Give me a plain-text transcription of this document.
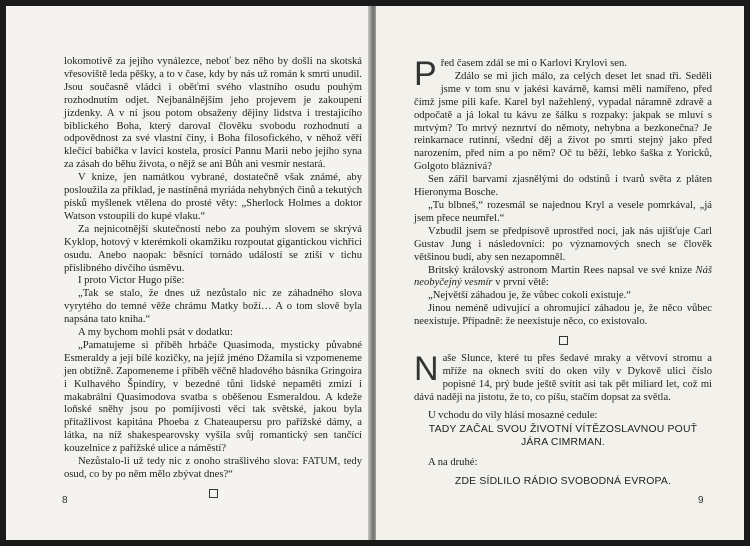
lokomotivě za jejího vynálezce, neboť bez něho by došli na skotská vřesoviště leda pěšky, a to v čase, kdy by nás už román k smrti unudil. Jsou současně vládci i oběťmi svého vlastního osudu pouhým rozhodnutím odjet. Nejbanálnějším jeho projevem je zakoupení jízdenky. A v ní jsou potom obsaženy dějiny lidstva i trestajícího biblického Boha, který daroval člověku svobodu rozhodnutí a odpovědnost za své vlastní činy, i Boha filosofického, v něhož věří klečící babička v lavici kostela, prosící Pannu Marii nebo jejího syna za zásah do běhu života, o nějž se ani Bůh ani vesmír nestará.

V knize, jen namátkou vybrané, dostatečně však známé, aby posloužila za příklad, je nastíněná myriáda nehybných činů a tekutých písků myšlenek vtělena do prosté věty: „Sherlock Holmes a doktor Watson vstoupili do kupé vlaku.“

Za nejnicotnější skutečností nebo za pouhým slovem se skrývá Kyklop, hotový v kterémkoli okamžiku rozpoutat gigantickou vichřici osudu. Anebo naopak: běsnící tornádo událostí se ztiší v tichu příslibného dívčího úsměvu.

I proto Victor Hugo píše:

„Tak se stalo, že dnes už nezůstalo nic ze záhadného slova vyrytého do temné věže chrámu Matky boží… A o tom slově byla napsána tato kniha.“

A my bychom mohli psát v dodatku:

„Pamatujeme si příběh hrbáče Quasimoda, mysticky půvabné Esmeraldy a její bílé kozičky, na jejíž jméno Džamila si vzpomeneme jen obtížně. Zapomeneme i příběh věčně hladového básníka Gringoira i Kulhavého Špindíry, v bezedné tůni lidské nepaměti zmizí i makabrální Quasimodova svatba s oběšenou Esmeraldou. A kdeže loňské sněhy jsou po pomíjivosti věcí tak světské, jakou byla přitažlivost kapitána Phoeba z Chateaupersu pro pařížské dámy, a látka, na níž shakespearovsky vyšila svůj romantický sen tančící kouzelnice z pařížské ulice a náměstí?

Nezůstalo-li už tedy nic z onoho strašlivého slova: FATUM, tedy osud, co by po něm mělo zbývat dnes?“

8

Před časem zdál se mi o Karlovi Krylovi sen.

Zdálo se mi jich málo, za celých deset let snad tři. Seděli jsme v tom snu v jakési kavárně, kamsi měli namířeno, před čímž jsme pili kafe. Karel byl nažehlený, vypadal náramně zdravě a odpočatě a já lokal tu kávu ze šálku s rozpaky: jakpak se mluví s mrtvým? To mrtvý neznrtví do němoty, nehybna a bezkonečna? Je reinkarnace rutinní, všední děj a život po smrti stejný jako před narozením, před ním a po něm? Oč tu běží, lebko šaška z Yoricků, Golgoto bláznivá?

Sen zářil barvami zjasnělými do odstínů i tvarů světa z pláten Hieronyma Bosche.

„Tu blbneš,“ rozesmál se najednou Kryl a vesele pomrkával, „já jsem přece neumřel.“

Vzbudil jsem se předpisově uprostřed noci, jak nás ujišťuje Carl Gustav Jung i následovníci: po významových snech se člověk většinou budí, aby sen nezapomněl.

Britský královský astronom Martin Rees napsal ve své knize Náš neobyčejný vesmír v první větě:

„Největší záhadou je, že vůbec cokoli existuje.“

Jinou neméně udivující a ohromující záhadou je, že něco vůbec neexistuje. Případně: že neexistuje něco, co existovalo.

Naše Slunce, které tu přes šedavé mraky a větvoví stromu a mříže na oknech svítí do oken vily v Dykově ulici číslo popisné 14, prý bude ještě svítit asi tak pět miliard let, což mi dává naději na jistotu, že to, co píšu, stačím dopsat za světla.

U vchodu do vily hlásí mosazné cedule:

TADY ZAČAL SVOU ŽIVOTNÍ VÍTĚZOSLAVNOU POUŤ
JÁRA CIMRMAN.

A na druhé:

ZDE SÍDLILO RÁDIO SVOBODNÁ EVROPA.
9
